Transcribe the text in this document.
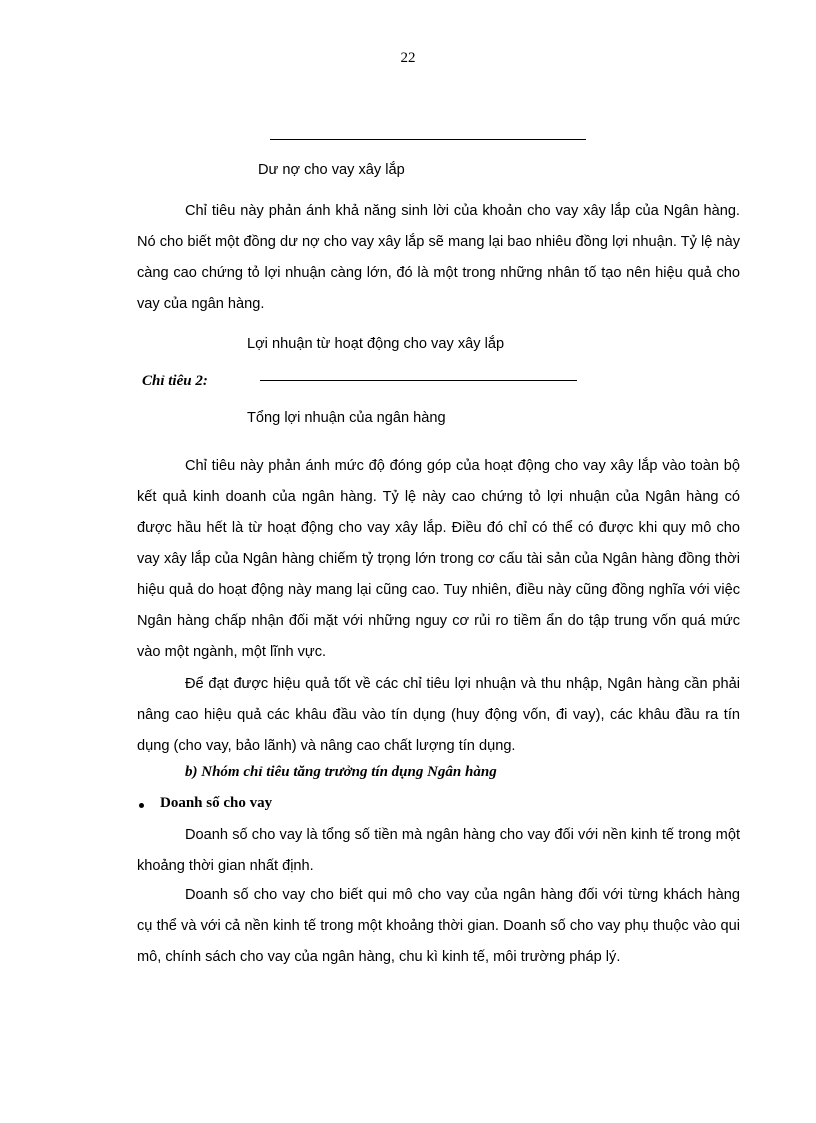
22
Dư nợ cho vay xây lắp
Chỉ tiêu này phản ánh khả năng sinh lời của khoản cho vay xây lắp của Ngân hàng. Nó cho biết một đồng dư nợ cho vay xây lắp sẽ mang lại bao nhiêu đồng lợi nhuận. Tỷ lệ này càng cao chứng tỏ lợi nhuận càng lớn, đó là một trong những nhân tố tạo nên hiệu quả cho vay của ngân hàng.
Lợi nhuận từ hoạt động cho vay xây lắp
Chỉ tiêu 2:
Tổng lợi nhuận của ngân hàng
Chỉ tiêu này phản ánh mức độ đóng góp của hoạt động cho vay xây lắp vào toàn bộ kết quả kinh doanh của ngân hàng. Tỷ lệ này cao chứng tỏ lợi nhuận của Ngân hàng có được hầu hết là từ hoạt động cho vay xây lắp. Điều đó chỉ có thể có được khi quy mô cho vay xây lắp của Ngân hàng chiếm tỷ trọng lớn trong cơ cấu tài sản của Ngân hàng đồng thời hiệu quả do hoạt động này mang lại cũng cao. Tuy nhiên, điều này cũng đồng nghĩa với việc Ngân hàng chấp nhận đối mặt với những nguy cơ rủi ro tiềm ẩn do tập trung vốn quá mức vào một ngành, một lĩnh vực.
Để đạt được hiệu quả tốt về các chỉ tiêu lợi nhuận và thu nhập, Ngân hàng cần phải nâng cao hiệu quả các khâu đầu vào tín dụng (huy động vốn, đi vay), các khâu đầu ra tín dụng (cho vay, bảo lãnh) và nâng cao chất lượng tín dụng.
b) Nhóm chỉ tiêu tăng trưởng tín dụng Ngân hàng
Doanh số cho vay
Doanh số cho vay là tổng số tiền mà ngân hàng cho vay đối với nền kinh tế trong một khoảng thời gian nhất định.
Doanh số cho vay cho biết qui mô cho vay của ngân hàng đối với từng khách hàng cụ thể và với cả nền kinh tế trong một khoảng thời gian. Doanh số cho vay phụ thuộc vào qui mô, chính sách cho vay của ngân hàng, chu kì kinh tế, môi trường pháp lý.
